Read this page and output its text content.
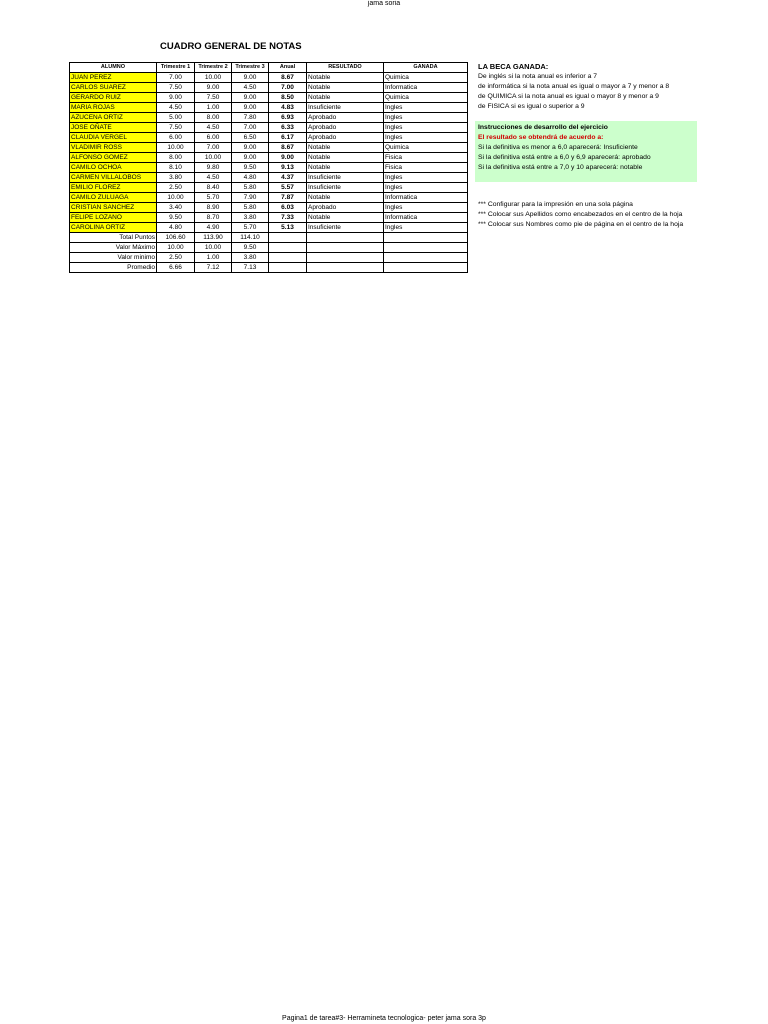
jama soria
CUADRO GENERAL DE NOTAS
ALUMNO	Trimestre 1	Trimestre 2	Trimestre 3	Anual	RESULTADO	GANADA
JUAN PEREZ	7.00	10.00	9.00	8.67	Notable	Quimica
CARLOS SUAREZ	7.50	9.00	4.50	7.00	Notable	Informatica
GERARDO RUIZ	9.00	7.50	9.00	8.50	Notable	Quimica
MARIA ROJAS	4.50	1.00	9.00	4.83	Insuficiente	Ingles
AZUCENA ORTIZ	5.00	8.00	7.80	6.93	Aprobado	Ingles
JOSE OÑATE	7.50	4.50	7.00	6.33	Aprobado	Ingles
CLAUDIA VERGEL	6.00	6.00	6.50	6.17	Aprobado	Ingles
VLADIMIR ROSS	10.00	7.00	9.00	8.67	Notable	Quimica
ALFONSO GOMEZ	8.00	10.00	9.00	9.00	Notable	Fisica
CAMILO OCHOA	8.10	9.80	9.50	9.13	Notable	Fisica
CARMEN VILLALOBOS	3.80	4.50	4.80	4.37	Insuficiente	Ingles
EMILIO FLOREZ	2.50	8.40	5.80	5.57	Insuficiente	Ingles
CAMILO ZULUAGA	10.00	5.70	7.90	7.87	Notable	Informatica
CRISTIAN SANCHEZ	3.40	8.90	5.80	6.03	Aprobado	Ingles
FELIPE LOZANO	9.50	8.70	3.80	7.33	Notable	Informatica
CAROLINA ORTIZ	4.80	4.90	5.70	5.13	Insuficiente	Ingles
Total Puntos	106.60	113.90	114.10			
Valor Máximo	10.00	10.00	9.50			
Valor minimo	2.50	1.00	3.80			
Promedio	6.66	7.12	7.13			
LA BECA GANADA:
De inglés si la nota anual es inferior a 7
de informática si la nota anual es igual o mayor a 7 y menor a 8
de QUIMICA si la nota anual es igual o mayor 8 y menor a 9
de FISICA si es igual o superior a 9
Instrucciones de desarrollo del ejercicio
El resultado se obtendrá de acuerdo a:
Si la definitiva es menor a 6,0 aparecerá: Insuficiente
Si la definitiva está entre a 6,0 y 6,9 aparecerá: aprobado
Si la definitiva está entre a 7,0 y 10 aparecerá: notable
*** Configurar para la impresión en una sola página
*** Colocar sus Apellidos como encabezados en el centro de la hoja
*** Colocar sus Nombres como pie de página en el centro de la hoja
Pagina1 de tarea#3- Herramineta tecnologica- peter jama sora 3p
